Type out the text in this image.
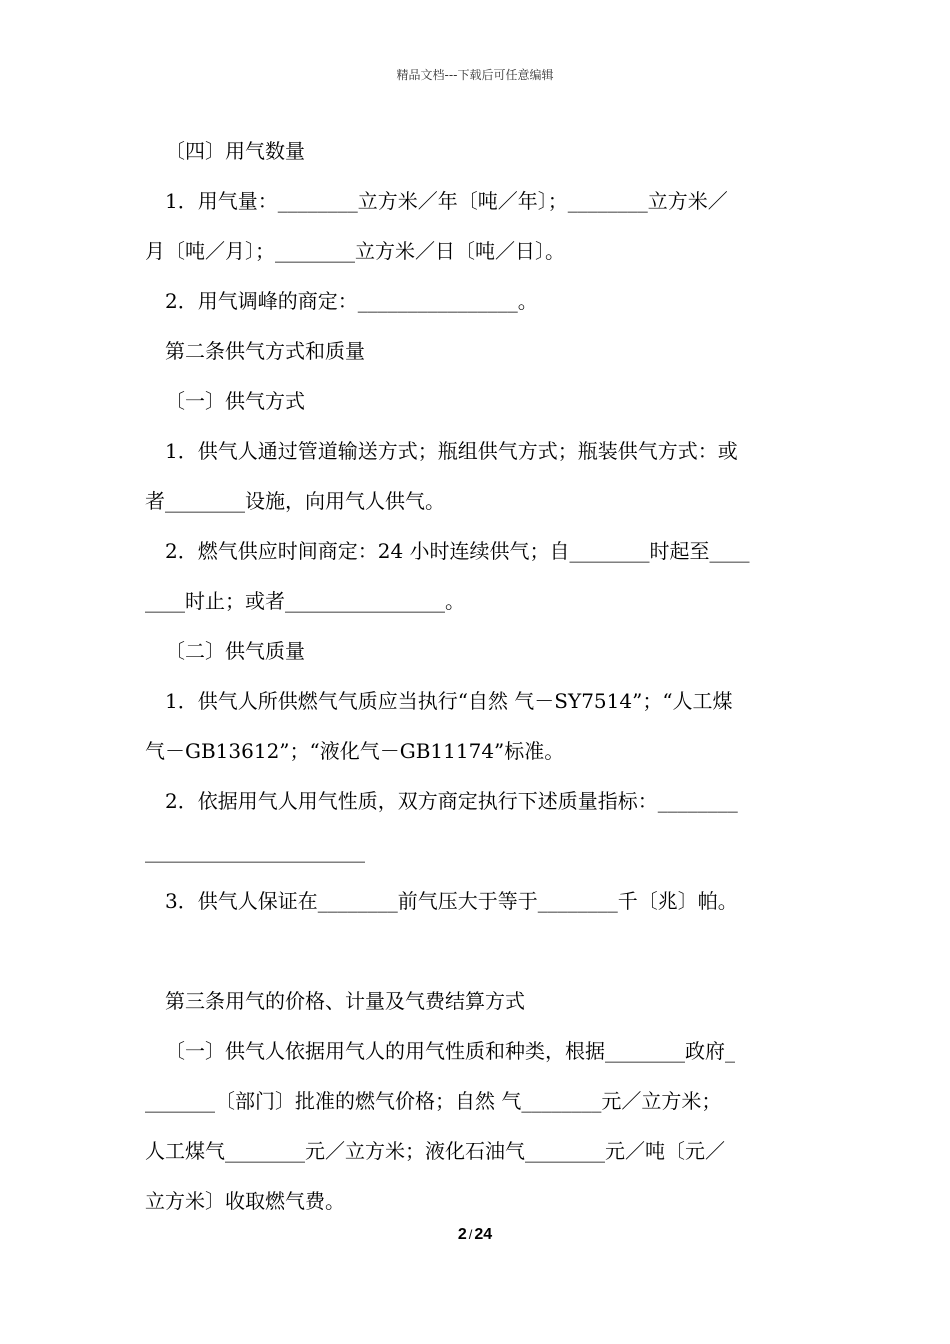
精品文档---下载后可任意编辑
〔四〕用气数量
1．用气量：________立方米／年〔吨／年〕；________立方米／
月〔吨／月〕；________立方米／日〔吨／日〕。
2．用气调峰的商定：________________。
第二条供气方式和质量
〔一〕供气方式
1．供气人通过管道输送方式；瓶组供气方式；瓶装供气方式：或
者________设施，向用气人供气。
2．燃气供应时间商定：24 小时连续供气；自________时起至____
____时止；或者________________。
〔二〕供气质量
1．供气人所供燃气气质应当执行“自然 气－SY7514”；“人工煤
气－GB13612”；“液化气－GB11174”标准。
2．依据用气人用气性质，双方商定执行下述质量指标：________
______________________
3．供气人保证在________前气压大于等于________千〔兆〕帕。
第三条用气的价格、计量及气费结算方式
〔一〕供气人依据用气人的用气性质和种类，根据________政府_
_______〔部门〕批准的燃气价格；自然 气________元／立方米；
人工煤气________元／立方米；液化石油气________元／吨〔元／
立方米〕收取燃气费。
2 / 24
